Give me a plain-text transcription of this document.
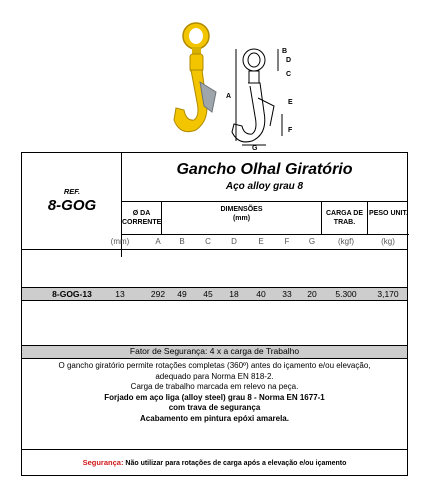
B
D
C
E
A
F
G
REF.
8-GOG
Gancho Olhal Giratório
Aço alloy grau 8
Ø DA CORRENTE
DIMENSÕES
(mm)
CARGA DE TRAB.
PESO UNIT.
(mm)	A	B	C	D	E	F	G	(kgf)	(kg)
8-GOG-13	13	292	49	45	18	40	33	20	5.300	3,170
Fator de Segurança: 4 x a carga de Trabalho
O gancho giratório permite rotações completas (360º) antes do içamento e/ou elevação,
adequado para Norma EN 818-2.
Carga de trabalho marcada em relevo na peça.
Forjado em aço liga (alloy steel) grau 8 - Norma EN 1677-1
com trava de segurança
Acabamento em pintura epóxi amarela.
Segurança: Não utilizar para rotações de carga após a elevação e/ou içamento
